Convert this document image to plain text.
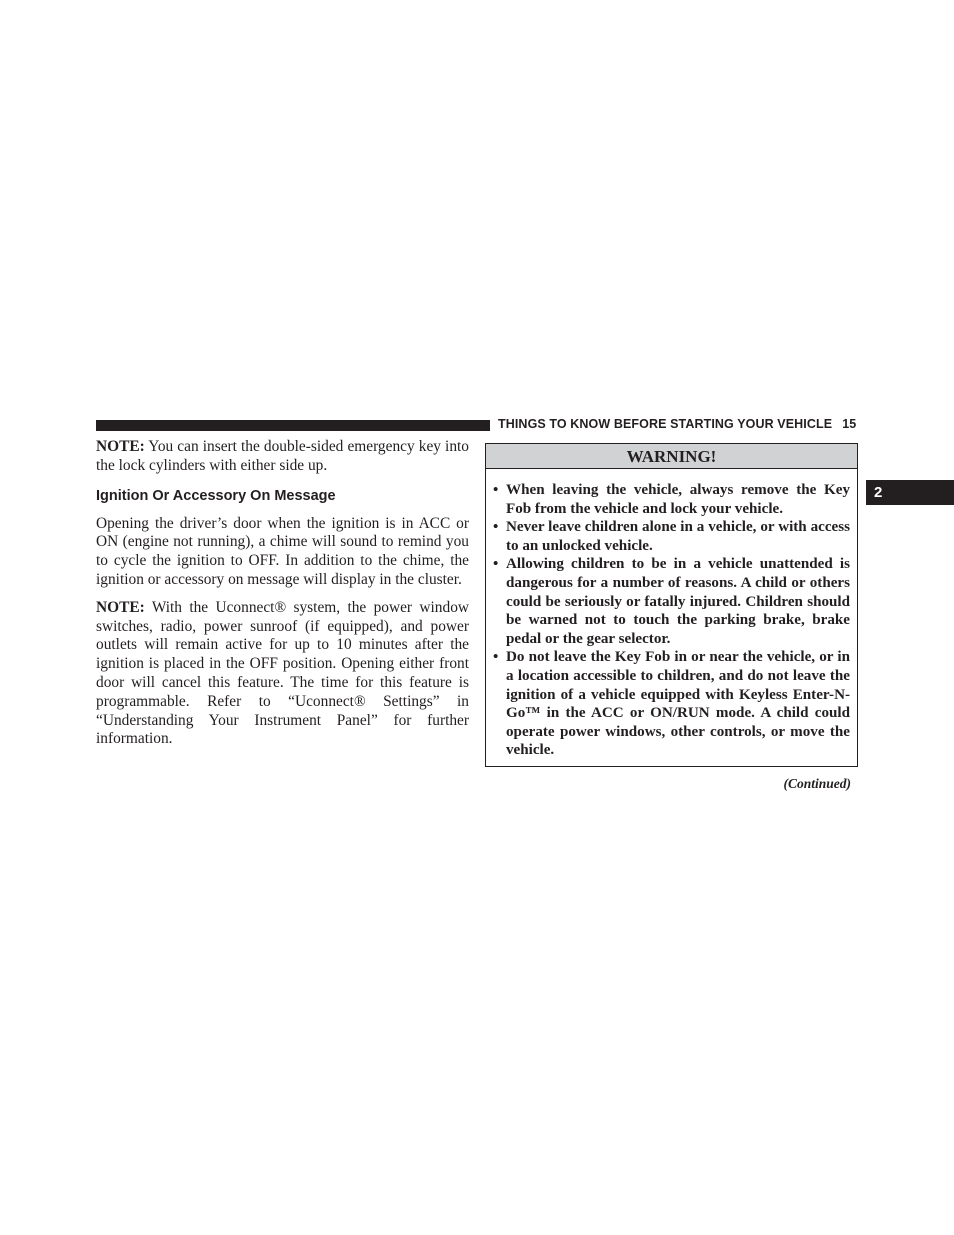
THINGS TO KNOW BEFORE STARTING YOUR VEHICLE 15
2

NOTE: You can insert the double-sided emergency key into the lock cylinders with either side up.

Ignition Or Accessory On Message

Opening the driver’s door when the ignition is in ACC or ON (engine not running), a chime will sound to remind you to cycle the ignition to OFF. In addition to the chime, the ignition or accessory on message will display in the cluster.

NOTE: With the Uconnect® system, the power window switches, radio, power sunroof (if equipped), and power outlets will remain active for up to 10 minutes after the ignition is placed in the OFF position. Opening either front door will cancel this feature. The time for this feature is programmable. Refer to “Uconnect® Settings” in “Understanding Your Instrument Panel” for further information.

WARNING!
• When leaving the vehicle, always remove the Key Fob from the vehicle and lock your vehicle.
• Never leave children alone in a vehicle, or with access to an unlocked vehicle.
• Allowing children to be in a vehicle unattended is dangerous for a number of reasons. A child or others could be seriously or fatally injured. Children should be warned not to touch the parking brake, brake pedal or the gear selector.
• Do not leave the Key Fob in or near the vehicle, or in a location accessible to children, and do not leave the ignition of a vehicle equipped with Keyless Enter-N-Go™ in the ACC or ON/RUN mode. A child could operate power windows, other controls, or move the vehicle.
(Continued)
